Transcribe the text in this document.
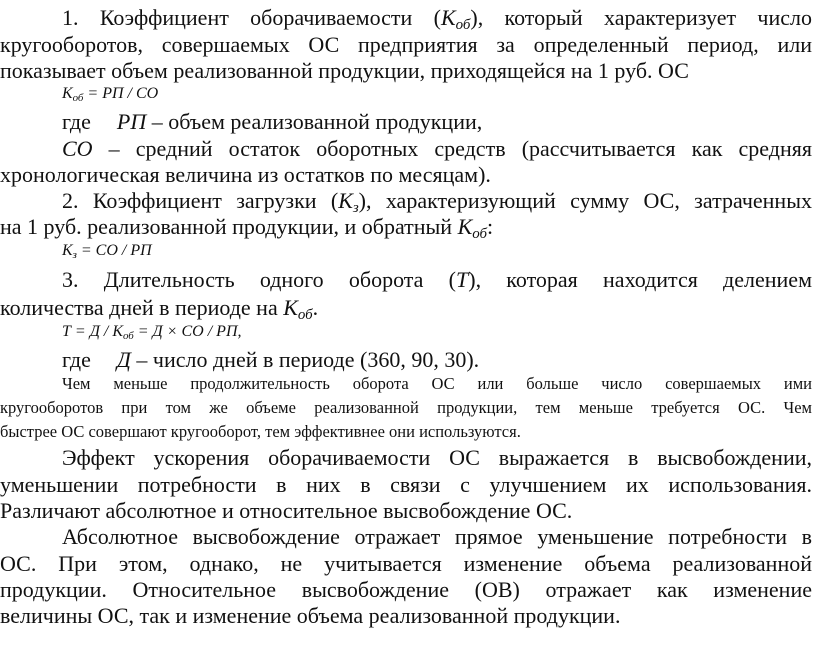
1. Коэффициент оборачиваемости $(К_{об})$, который характеризует число
кругооборотов, совершаемых ОС предприятия за определенный период, или
показывает объем реализованной продукции, приходящейся на 1 руб. ОС
$К_{об}$ = РП / СО
где РП – объем реализованной продукции,
СО – средний остаток оборотных средств (рассчитывается как средняя
хронологическая величина из остатков по месяцам).
2. Коэффициент загрузки $(К_з)$, характеризующий сумму ОС, затраченных
на 1 руб. реализованной продукции, и обратный $К_{об}$:
$К_з$ = СО / РП
3. Длительность одного оборота (Т), которая находится делением
количества дней в периоде на $К_{об}$.
$Т = Д / К_{об} = Д$ × СО / РП,
где Д – число дней в периоде (360, 90, 30).
Чем меньше продолжительность оборота ОС или больше число совершаемых ими
кругооборотов при том же объеме реализованной продукции, тем меньше требуется ОС. Чем
быстрее ОС совершают кругооборот, тем эффективнее они используются.
Эффект ускорения оборачиваемости ОС выражается в высвобождении,
уменьшении потребности в них в связи с улучшением их использования.
Различают абсолютное и относительное высвобождение ОС.
Абсолютное высвобождение отражает прямое уменьшение потребности в
ОС. При этом, однако, не учитывается изменение объема реализованной
продукции. Относительное высвобождение (ОВ) отражает как изменение
величины ОС, так и изменение объема реализованной продукции.
